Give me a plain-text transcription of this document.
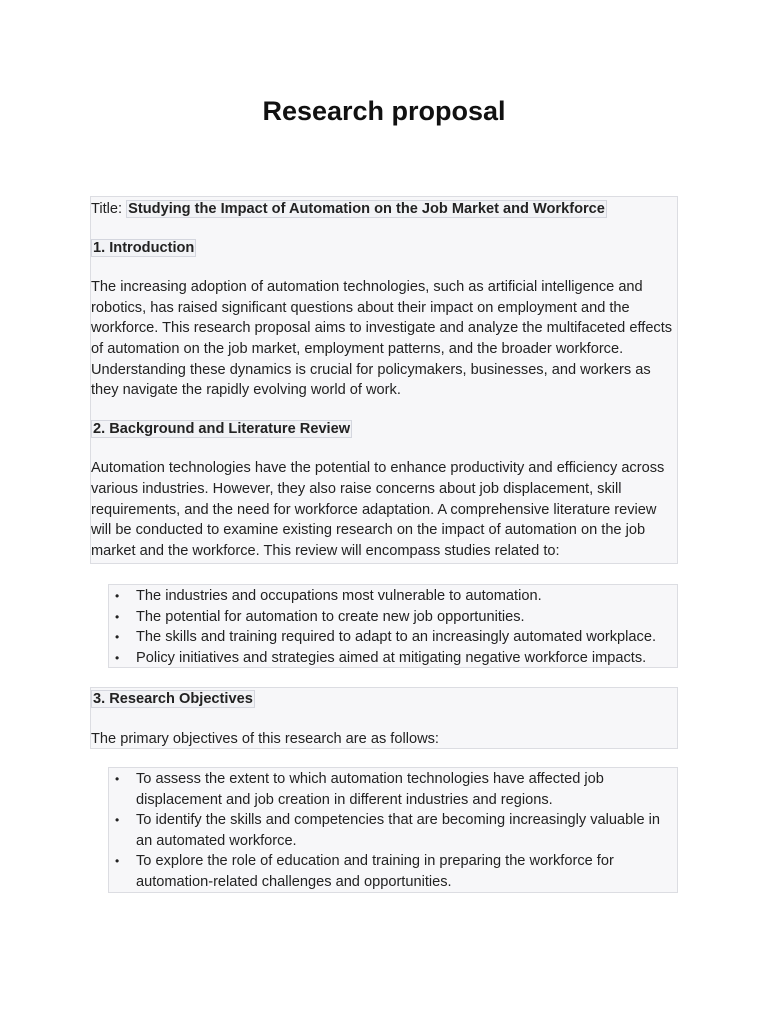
Research proposal

Title: Studying the Impact of Automation on the Job Market and Workforce

1. Introduction

The increasing adoption of automation technologies, such as artificial intelligence and robotics, has raised significant questions about their impact on employment and the workforce. This research proposal aims to investigate and analyze the multifaceted effects of automation on the job market, employment patterns, and the broader workforce. Understanding these dynamics is crucial for policymakers, businesses, and workers as they navigate the rapidly evolving world of work.

2. Background and Literature Review

Automation technologies have the potential to enhance productivity and efficiency across various industries. However, they also raise concerns about job displacement, skill requirements, and the need for workforce adaptation. A comprehensive literature review will be conducted to examine existing research on the impact of automation on the job market and the workforce. This review will encompass studies related to:

• The industries and occupations most vulnerable to automation.
• The potential for automation to create new job opportunities.
• The skills and training required to adapt to an increasingly automated workplace.
• Policy initiatives and strategies aimed at mitigating negative workforce impacts.

3. Research Objectives

The primary objectives of this research are as follows:

• To assess the extent to which automation technologies have affected job displacement and job creation in different industries and regions.
• To identify the skills and competencies that are becoming increasingly valuable in an automated workforce.
• To explore the role of education and training in preparing the workforce for automation-related challenges and opportunities.
